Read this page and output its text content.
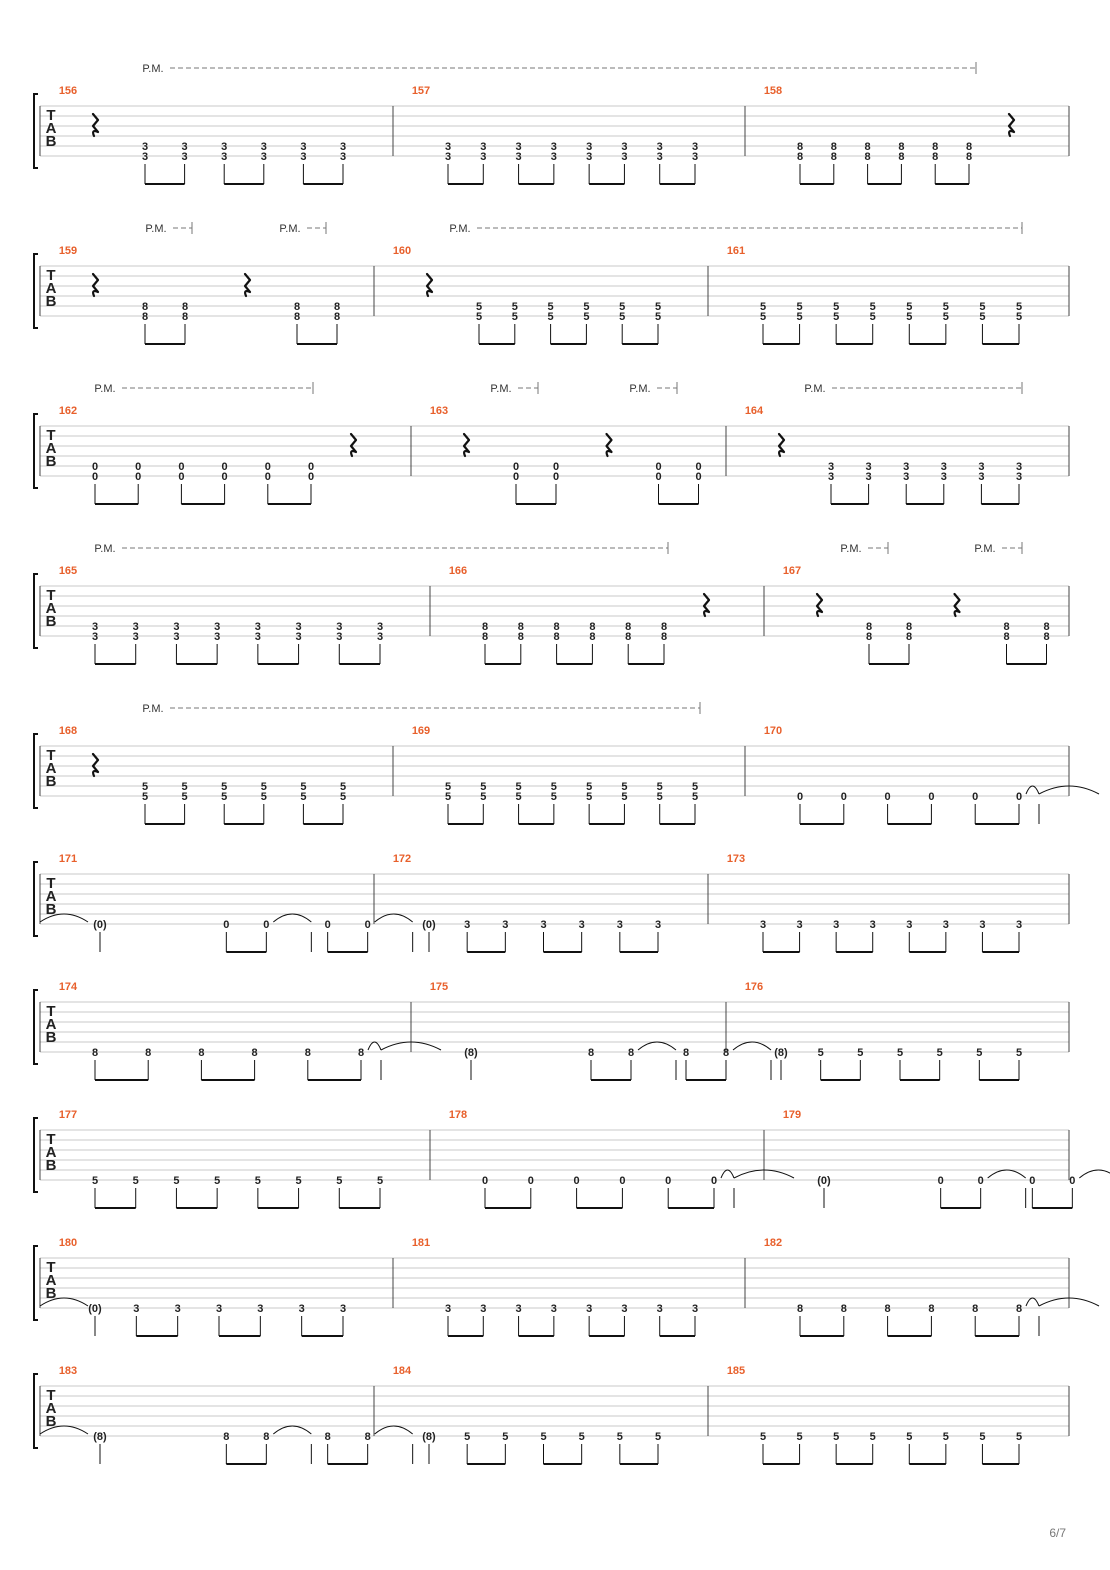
T
A
B
P.M.
156
3
3
3
3
3
3
3
3
3
3
3
3
157
3
3
3
3
3
3
3
3
3
3
3
3
3
3
3
3
158
8
8
8
8
8
8
8
8
8
8
8
8
T
A
B
P.M.	P.M.	P.M.
159
8
8
8
8
8
8
8
8
160
5
5
5
5
5
5
5
5
5
5
5
5
161
5
5
5
5
5
5
5
5
5
5
5
5
5
5
5
5
T
A
B
P.M.	P.M.	P.M.	P.M.
162
0
0
0
0
0
0
0
0
0
0
0
0
163
0
0
0
0
0
0
0
0
164
3
3
3
3
3
3
3
3
3
3
3
3
T
A
B
P.M.	P.M.	P.M.
165
3
3
3
3
3
3
3
3
3
3
3
3
3
3
3
3
166
8
8
8
8
8
8
8
8
8
8
8
8
167
8
8
8
8
8
8
8
8
T
A
B
P.M.
168
5
5
5
5
5
5
5
5
5
5
5
5
169
5
5
5
5
5
5
5
5
5
5
5
5
5
5
5
5
170
0	0	0	0	0	0
T
A
B
171
(0)	0	0	0	0
172
(0)	3	3	3	3	3	3
173
3	3	3	3	3	3	3	3
T
A
B
174
8	8	8	8	8	8
175
(8)	8	8	8	8
176
(8)	5	5	5	5	5	5
T
A
B
177
5	5	5	5	5	5	5	5
178
0	0	0	0	0	0
179
(0)	0	0	0	0
T
A
B
180
(0)	3	3	3	3	3	3
181
3	3	3	3	3	3	3	3
182
8	8	8	8	8	8
T
A
B
183
(8)	8	8	8	8
184
(8)	5	5	5	5	5	5
185
5	5	5	5	5	5	5	5
6/7
